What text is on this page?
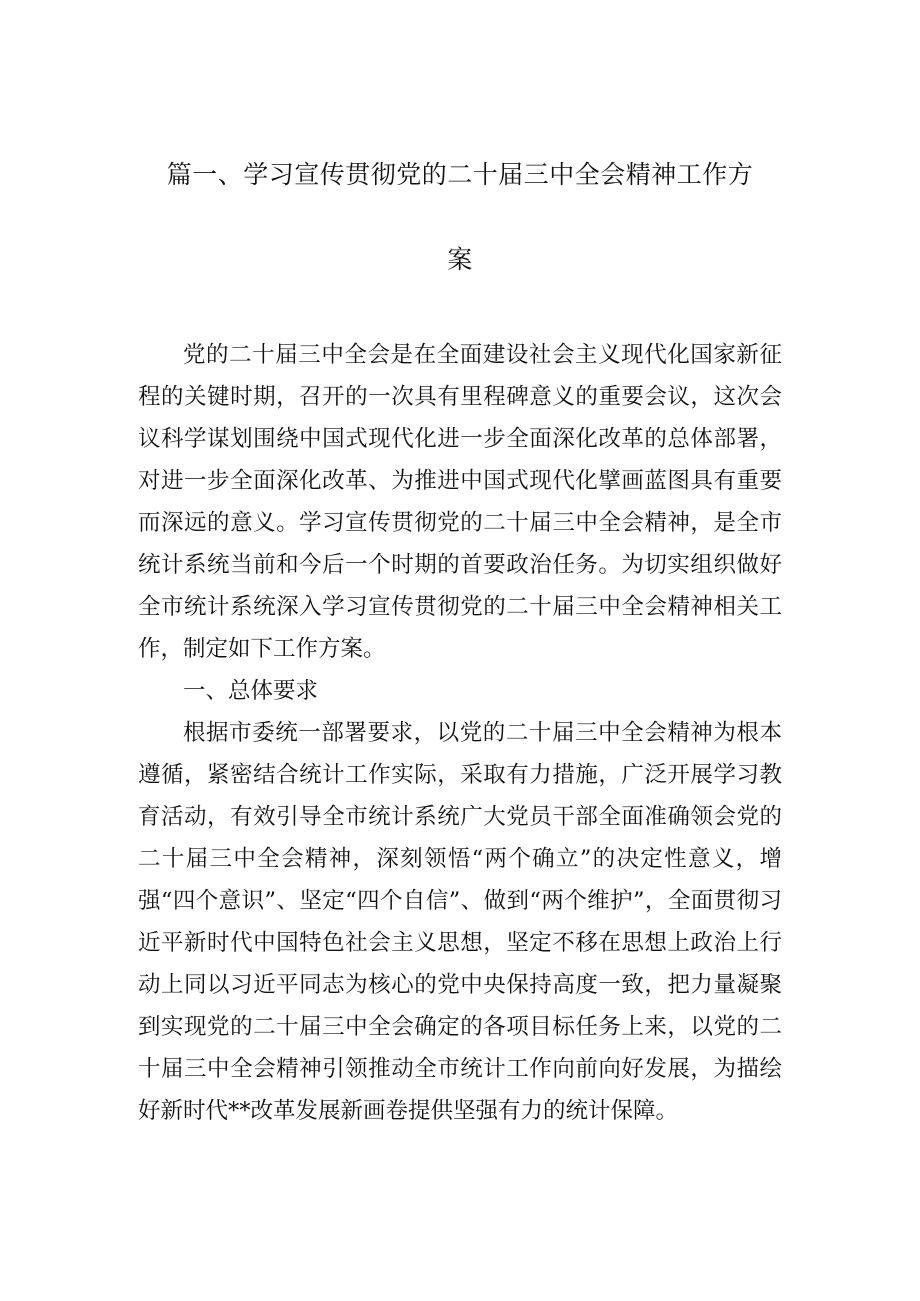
篇一、学习宣传贯彻党的二十届三中全会精神工作方
案

党的二十届三中全会是在全面建设社会主义现代化国家新征程的关键时期，召开的一次具有里程碑意义的重要会议，这次会议科学谋划围绕中国式现代化进一步全面深化改革的总体部署，对进一步全面深化改革、为推进中国式现代化擘画蓝图具有重要而深远的意义。学习宣传贯彻党的二十届三中全会精神，是全市统计系统当前和今后一个时期的首要政治任务。为切实组织做好全市统计系统深入学习宣传贯彻党的二十届三中全会精神相关工作，制定如下工作方案。

一、总体要求

根据市委统一部署要求，以党的二十届三中全会精神为根本遵循，紧密结合统计工作实际，采取有力措施，广泛开展学习教育活动，有效引导全市统计系统广大党员干部全面准确领会党的二十届三中全会精神，深刻领悟“两个确立”的决定性意义，增强“四个意识”、坚定“四个自信”、做到“两个维护”，全面贯彻习近平新时代中国特色社会主义思想，坚定不移在思想上政治上行动上同以习近平同志为核心的党中央保持高度一致，把力量凝聚到实现党的二十届三中全会确定的各项目标任务上来，以党的二十届三中全会精神引领推动全市统计工作向前向好发展，为描绘好新时代**改革发展新画卷提供坚强有力的统计保障。
